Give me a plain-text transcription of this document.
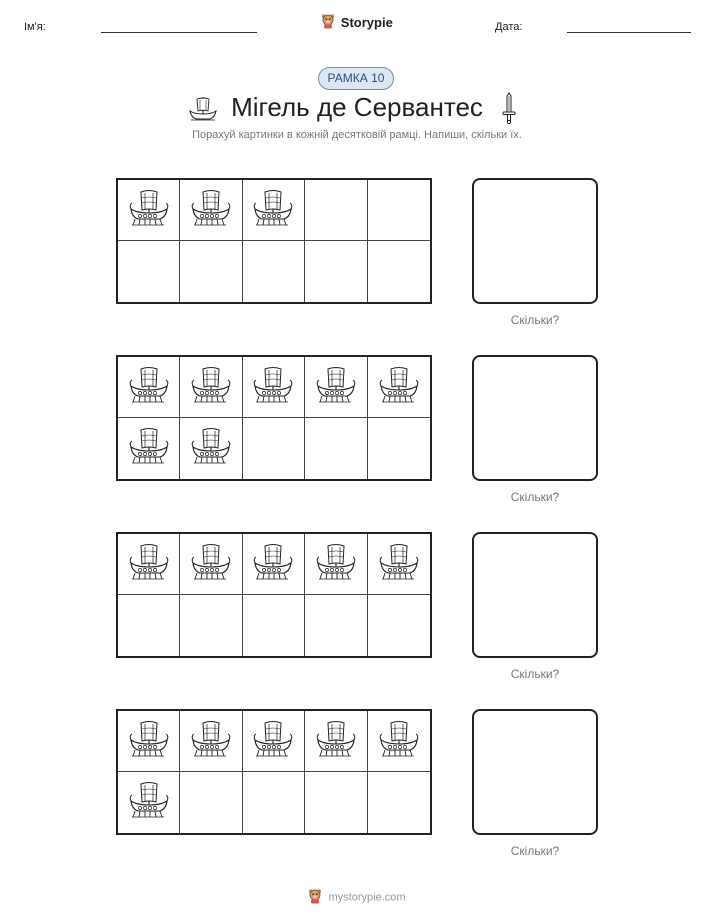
Ім'я:	Storypie	Дата:
РАМКА 10
Мігель де Сервантес
Порахуй картинки в кожній десятковій рамці. Напиши, скільки їх.
Скільки?
Скільки?
Скільки?
Скільки?
mystorypie.com
